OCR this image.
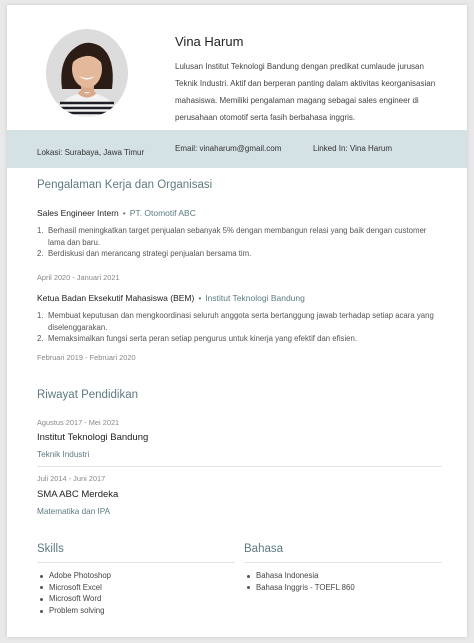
Vina Harum

Lulusan Institut Teknologi Bandung dengan predikat cumlaude jurusan Teknik Industri. Aktif dan berperan panting dalam aktivitas keorganisasian mahasiswa. Memiliki pengalaman magang sebagai sales engineer di perusahaan otomotif serta fasih berbahasa inggris.

Lokasi: Surabaya, Jawa Timur	Email: vinaharum@gmail.com	Linked In: Vina Harum
Pengalaman Kerja dan Organisasi
Sales Engineer Intern • PT. Otomotif ABC
1. Berhasil meningkatkan target penjualan sebanyak 5% dengan membangun relasi yang baik dengan customer lama dan baru.
2. Berdiskusi dan merancang strategi penjualan bersama tim.
April 2020 - Januari 2021
Ketua Badan Eksekutif Mahasiswa (BEM) • Institut Teknologi Bandung
1. Membuat keputusan dan mengkoordinasi seluruh anggota serta bertanggung jawab terhadap setiap acara yang diselenggarakan.
2. Memaksimalkan fungsi serta peran setiap pengurus untuk kinerja yang efektif dan efisien.
Februari 2019 - Februari 2020
Riwayat Pendidikan
Agustus 2017 - Mei 2021
Institut Teknologi Bandung
Teknik Industri
Juli 2014 - Juni 2017
SMA ABC Merdeka
Matematika dan IPA
Skills
Adobe Photoshop
Microsoft Excel
Microsoft Word
Problem solving
Bahasa
Bahasa Indonesia
Bahasa Inggris - TOEFL 860
